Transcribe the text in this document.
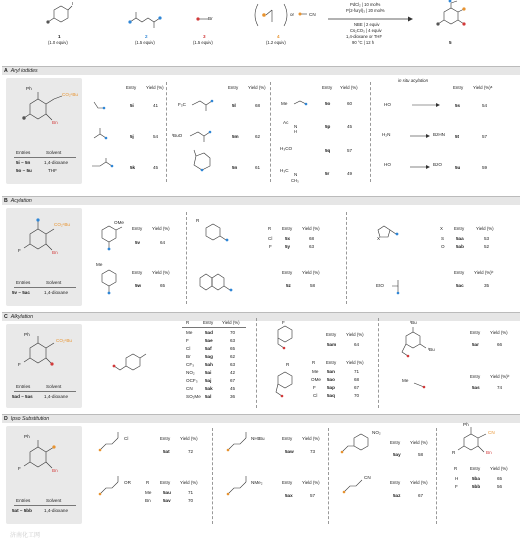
I
1
(1.0 equiv)
2
(1.5 equiv)
Br
3
(1.5 equiv)
or	CN
4
(1.2 equiv)
PdCl₂ | 10 mol%
P(2-furyl)₃ | 20 mol%
NBE | 2 equiv
Cs₂CO₃ | 4 equiv
1,4-dioxane or THF
90 °C | 12 h	5
A Aryl iodides
Ph
CO₂ⁿBu
Bn
Entries	Solvent
5i – 5n	1,4-dioxane
5o – 5u	THF
Entry Yield (%)
5i	41
5j	54
5k	45
Entry Yield (%)
F₃C	5l	68
ᵗBuO	5m	62
5n	61
Entry Yield (%)
Me	5o	60
Ac
N
H
5p	45
H₃CO	5q	57
H₃C
N
CH₃
5r	49
in situ acylation
Entry Yield (%)ᵃ
HO	5s	54
H₂N	BzHN 5t	57
HO	BzO
5u	59
B Acylation
CO₂ⁿBu
F	Bn
Entries	Solvent
5v – 5ac	1,4-dioxane
OMe
Entry Yield (%)
5v	64
Me
Entry Yield (%)
5w	65
R
R Entry Yield (%)
Cl	5x	68
F	5y	63
Entry Yield (%)
5z	58
X
X	Entry	Yield (%)
S	5aa	53
O 5ab	52
EtO
Entry Yield (%)ᵇ
5ac	35
C Alkylation
Ph
CO₂ⁿBu
F
Entries	Solvent
5ad – 5as 1,4-dioxane
R	Entry Yield (%)
Me	5ad	70
F	5ae	63
Cl	5af	65
Br	5ag	62
CF₃ 5ah	63
NO₂ 5ai	42
OCF₃ 5aj	67
CN	5ak	45
SO₂Me 5al	36
F
Entry Yield (%)
5am	64
R	R Entry Yield (%)
Me 5an	71
OMe 5ao	68
F 5ap	67
Cl 5aq	70
ᵗBu
ᵗBu
Entry Yield (%)
5ar	66
Me
Entry Yield (%)ᵇ
5as	74
D Ipso Substitution
Ph
F	Bn
Entries	Solvent
5at – 5bb	1,4-dioxane
Cl	Entry Yield (%)
5at	72
OR	R Entry Yield (%)
Me	5au	71
Bn	5av	70
NHtBu	Entry Yield (%)
5aw	73
NMe₂	Entry Yield (%)
5ax	57
NO₂
Entry Yield (%)
5ay	58
CN
Entry Yield (%)
5az	67
Ph
CN
Bn
R
R	Entry Yield (%)
H	5ba	65
F	5bb	56
济南化工网
